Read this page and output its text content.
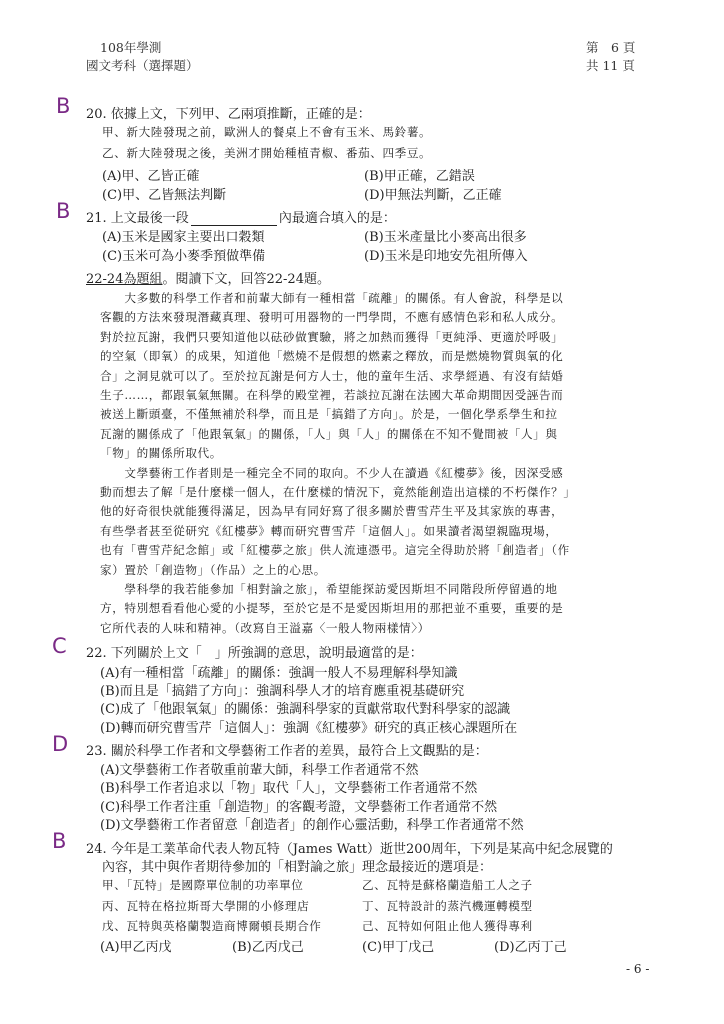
108年學測
國文考科（選擇題）
第　6 頁
共 11 頁
B 20. 依據上文，下列甲、乙兩項推斷，正確的是：
甲、新大陸發現之前，歐洲人的餐桌上不會有玉米、馬鈴薯。
乙、新大陸發現之後，美洲才開始種植青椒、番茄、四季豆。
(A)甲、乙皆正確	(B)甲正確，乙錯誤
(C)甲、乙皆無法判斷	(D)甲無法判斷，乙正確
B 21. 上文最後一段	內最適合填入的是：
(A)玉米是國家主要出口穀類	(B)玉米產量比小麥高出很多
(C)玉米可為小麥季預做準備	(D)玉米是印地安先祖所傳入
22-24為題組。閱讀下文，回答22-24題。
　　大多數的科學工作者和前輩大師有一種相當「疏離」的關係。有人會說，科學是以
客觀的方法來發現潛藏真理、發明可用器物的一門學問，不應有感情色彩和私人成分。
對於拉瓦謝，我們只要知道他以砝砂做實驗，將之加熱而獲得「更純淨、更適於呼吸」
的空氣（即氧）的成果，知道他「燃燒不是假想的燃素之釋放，而是燃燒物質與氧的化
合」之洞見就可以了。至於拉瓦謝是何方人士，他的童年生活、求學經過、有沒有結婚
生子……，都跟氧氣無關。在科學的殿堂裡，若談拉瓦謝在法國大革命期間因受誣告而
被送上斷頭臺，不僅無補於科學，而且是「搞錯了方向」。於是，一個化學系學生和拉
瓦謝的關係成了「他跟氧氣」的關係，「人」與「人」的關係在不知不覺間被「人」與
「物」的關係所取代。
　　文學藝術工作者則是一種完全不同的取向。不少人在讀過《紅樓夢》後，因深受感
動而想去了解「是什麼樣一個人，在什麼樣的情況下，竟然能創造出這樣的不朽傑作？」
他的好奇很快就能獲得滿足，因為早有同好寫了很多關於曹雪芹生平及其家族的專書，
有些學者甚至從研究《紅樓夢》轉而研究曹雪芹「這個人」。如果讀者渴望親臨現場，
也有「曹雪芹紀念館」或「紅樓夢之旅」供人流連憑弔。這完全得助於將「創造者」（作
家）置於「創造物」（作品）之上的心思。
　　學科學的我若能參加「相對論之旅」，希望能探訪愛因斯坦不同階段所停留過的地
方，特別想看看他心愛的小提琴，至於它是不是愛因斯坦用的那把並不重要，重要的是
它所代表的人味和精神。（改寫自王溢嘉〈一般人物兩樣情〉）
C 22. 下列關於上文「　」所強調的意思，說明最適當的是：
(A)有一種相當「疏離」的關係：強調一般人不易理解科學知識
(B)而且是「搞錯了方向」：強調科學人才的培育應重視基礎研究
(C)成了「他跟氧氣」的關係：強調科學家的貢獻常取代對科學家的認識
(D)轉而研究曹雪芹「這個人」：強調《紅樓夢》研究的真正核心課題所在
D 23. 關於科學工作者和文學藝術工作者的差異，最符合上文觀點的是：
(A)文學藝術工作者敬重前輩大師，科學工作者通常不然
(B)科學工作者追求以「物」取代「人」，文學藝術工作者通常不然
(C)科學工作者注重「創造物」的客觀考證，文學藝術工作者通常不然
(D)文學藝術工作者留意「創造者」的創作心靈活動，科學工作者通常不然
B 24. 今年是工業革命代表人物瓦特（James Watt）逝世200周年，下列是某高中紀念展覽的
內容，其中與作者期待參加的「相對論之旅」理念最接近的選項是：
甲、「瓦特」是國際單位制的功率單位	乙、瓦特是蘇格蘭造船工人之子
丙、瓦特在格拉斯哥大學開的小修理店	丁、瓦特設計的蒸汽機運轉模型
戊、瓦特與英格蘭製造商博爾頓長期合作	己、瓦特如何阻止他人獲得專利
(A)甲乙丙戊	(B)乙丙戊己	(C)甲丁戊己	(D)乙丙丁己
- 6 -
